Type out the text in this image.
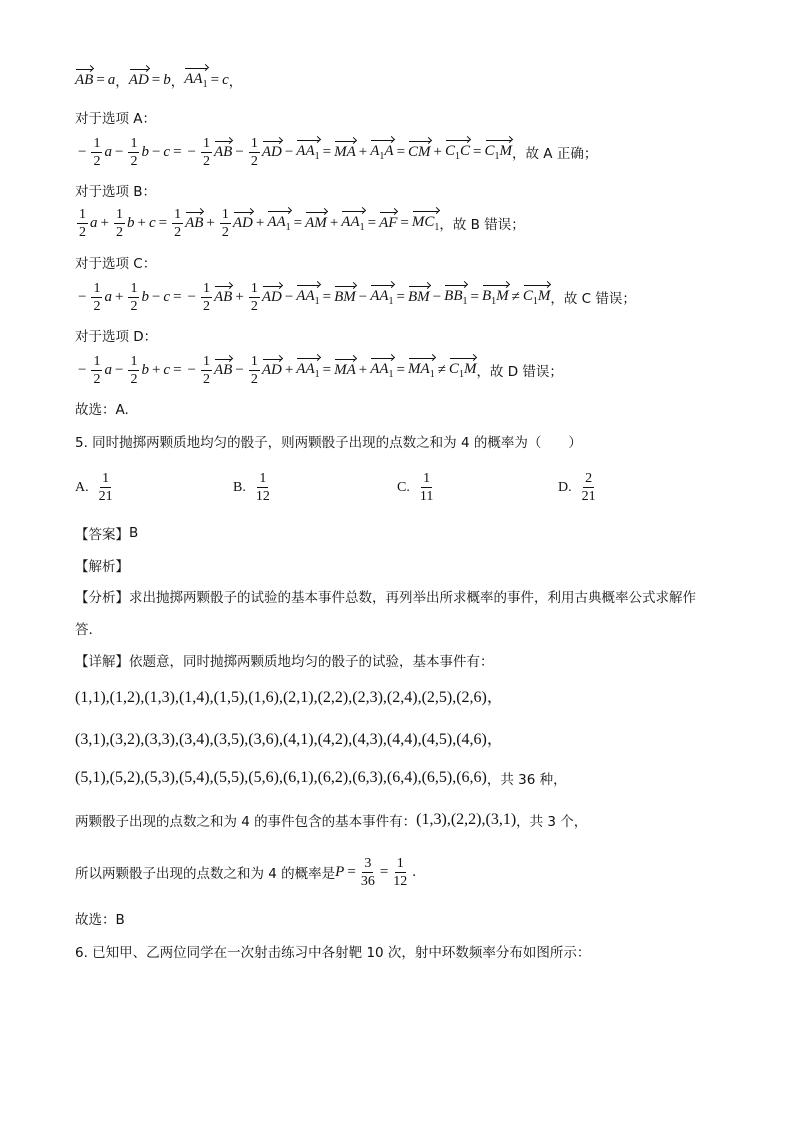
AB = a ， AD = b ， $AA_1 = c$ ，
对于选项 A：
− $\frac{1}{2}$ $a - \frac{1}{2}$ b − c = − $\frac{1}{2}$ AB − $\frac{1}{2}$ AD − $AA_1$ = MA + $A_1A$ = CM + $C_1C = C_1M$ ，故 A 正确；
对于选项 B：
$\frac{1}{2}$ $a + \frac{1}{2}$ $b + c = \frac{1}{2}$ AB + $\frac{1}{2}$ AD + $AA_1$ = AM + $AA_1$ = AF = $MC_1$ ，故 B 错误；
对于选项 C：
− $\frac{1}{2}$ $a + \frac{1}{2}$ b − c = − $\frac{1}{2}$ AB + $\frac{1}{2}$ AD − $AA_1$ = BM − $AA_1$ = BM − $BB_1 = B_1M \ne C_1M$ ，故 C 错误；
对于选项 D：
− $\frac{1}{2}$ $a - \frac{1}{2}$ b + c = − $\frac{1}{2}$ AB − $\frac{1}{2}$ AD + $AA_1$ = MA + $AA_1 = MA_1 \ne C_1M$ ，故 D 错误；
故选：A.
5. 同时抛掷两颗质地均匀的骰子，则两颗骰子出现的点数之和为 4 的概率为（　　）
A. $\frac{1}{21}$	B. $\frac{1}{12}$	C. $\frac{1}{11}$	D. $\frac{2}{21}$
【答案】 B
【解析】
【分析】 求出抛掷两颗骰子的试验的基本事件总数，再列举出所求概率的事件，利用古典概率公式求解作
答.
【详解】 依题意，同时抛掷两颗质地均匀的骰子的试验，基本事件有：
(1,1),(1,2),(1,3),(1,4),(1,5),(1,6),(2,1),(2,2),(2,3),(2,4),(2,5),(2,6)，
(3,1),(3,2),(3,3),(3,4),(3,5),(3,6),(4,1),(4,2),(4,3),(4,4),(4,5),(4,6)，
(5,1),(5,2),(5,3),(5,4),(5,5),(5,6),(6,1),(6,2),(6,3),(6,4),(6,5),(6,6) ，共 36 种，
两颗骰子出现的点数之和为 4 的事件包含的基本事件有： (1,3),(2,2),(3,1) ，共 3 个，
所以两颗骰子出现的点数之和为 4 的概率是 $P = \frac{3}{36} = \frac{1}{12}$ .
故选：B
6. 已知甲、乙两位同学在一次射击练习中各射靶 10 次，射中环数频率分布如图所示：
